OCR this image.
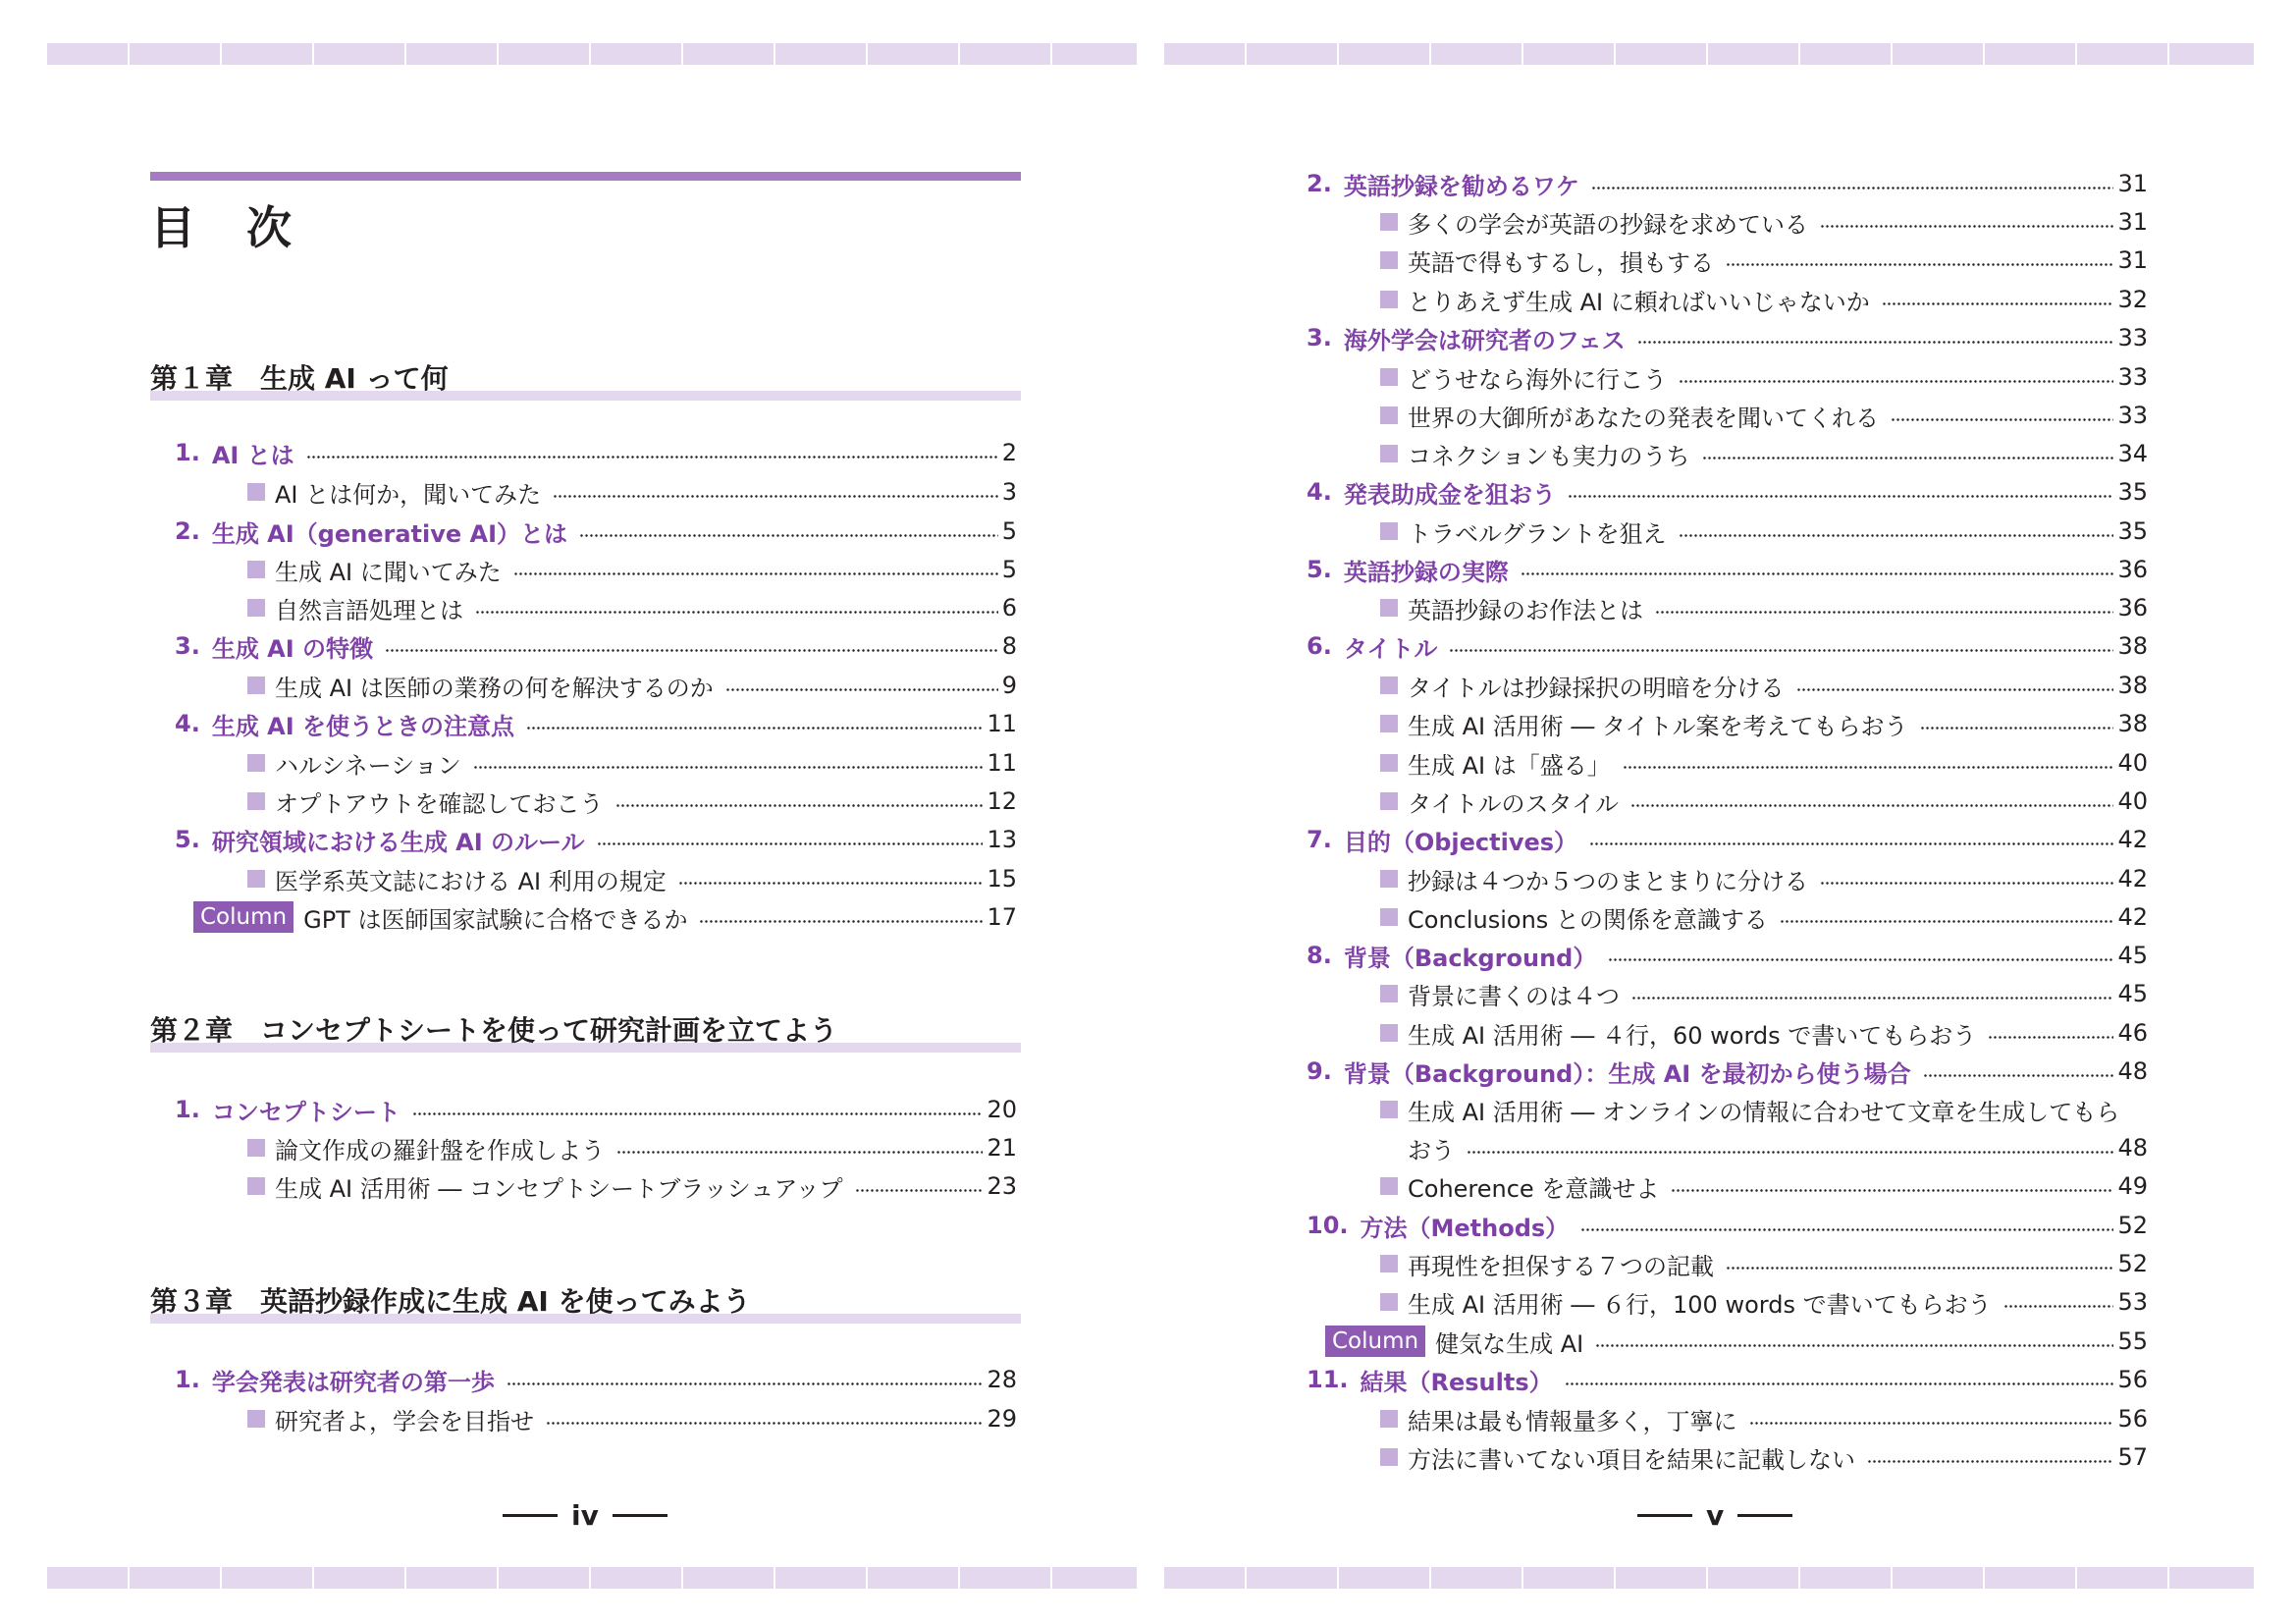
目 次
第１章　生成 AI って何
1. AI とは	2
AI とは何か，聞いてみた	3
2. 生成 AI（generative AI）とは	5
生成 AI に聞いてみた	5
自然言語処理とは	6
3. 生成 AI の特徴	8
生成 AI は医師の業務の何を解決するのか	9
4. 生成 AI を使うときの注意点	11
ハルシネーション	11
オプトアウトを確認しておこう	12
5. 研究領域における生成 AI のルール	13
医学系英文誌における AI 利用の規定	15
Column GPT は医師国家試験に合格できるか	17
第２章　コンセプトシートを使って研究計画を立てよう
1. コンセプトシート	20
論文作成の羅針盤を作成しよう	21
生成 AI 活用術 ― コンセプトシートブラッシュアップ	23
第３章　英語抄録作成に生成 AI を使ってみよう
1. 学会発表は研究者の第一歩	28
研究者よ，学会を目指せ	29
iv
2. 英語抄録を勧めるワケ	31
多くの学会が英語の抄録を求めている	31
英語で得もするし，損もする	31
とりあえず生成 AI に頼ればいいじゃないか	32
3. 海外学会は研究者のフェス	33
どうせなら海外に行こう	33
世界の大御所があなたの発表を聞いてくれる	33
コネクションも実力のうち	34
4. 発表助成金を狙おう	35
トラベルグラントを狙え	35
5. 英語抄録の実際	36
英語抄録のお作法とは	36
6. タイトル	38
タイトルは抄録採択の明暗を分ける	38
生成 AI 活用術 ― タイトル案を考えてもらおう	38
生成 AI は「盛る」	40
タイトルのスタイル	40
7. 目的（Objectives）	42
抄録は４つか５つのまとまりに分ける	42
Conclusions との関係を意識する	42
8. 背景（Background）	45
背景に書くのは４つ	45
生成 AI 活用術 ― ４行，60 words で書いてもらおう	46
9. 背景（Background）：生成 AI を最初から使う場合	48
生成 AI 活用術 ― オンラインの情報に合わせて文章を生成してもら
おう	48
Coherence を意識せよ	49
10. 方法（Methods）	52
再現性を担保する７つの記載	52
生成 AI 活用術 ― ６行，100 words で書いてもらおう	53
Column 健気な生成 AI	55
11. 結果（Results）	56
結果は最も情報量多く，丁寧に	56
方法に書いてない項目を結果に記載しない	57
v
